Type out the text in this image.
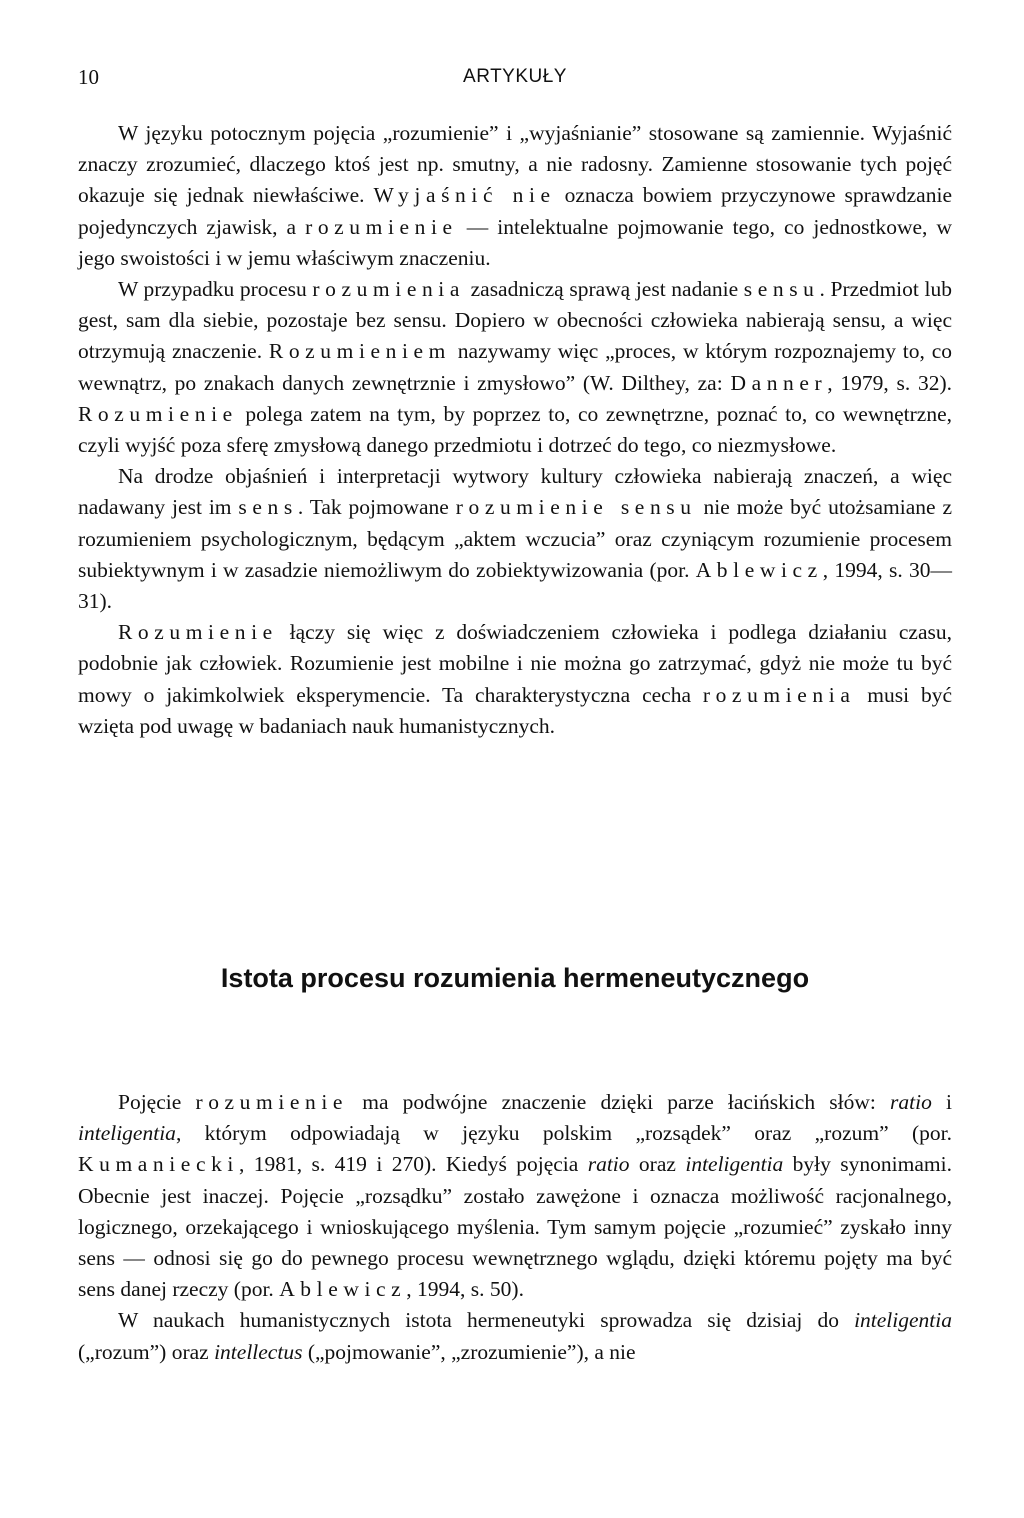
10	ARTYKUŁY

W języku potocznym pojęcia „rozumienie” i „wyjaśnianie” stosowane są zamiennie. Wyjaśnić znaczy zrozumieć, dlaczego ktoś jest np. smutny, a nie radosny. Zamienne stosowanie tych pojęć okazuje się jednak niewłaściwe. Wyjaśnić nie oznacza bowiem przyczynowe sprawdzanie pojedynczych zjawisk, a rozumienie — intelektualne pojmowanie tego, co jednostkowe, w jego swoistości i w jemu właściwym znaczeniu.

W przypadku procesu rozumienia zasadniczą sprawą jest nadanie sensu. Przedmiot lub gest, sam dla siebie, pozostaje bez sensu. Dopiero w obecności człowieka nabierają sensu, a więc otrzymują znaczenie. Rozumieniem nazywamy więc „proces, w którym rozpoznajemy to, co wewnątrz, po znakach danych zewnętrznie i zmysłowo” (W. Dilthey, za: Danner, 1979, s. 32). Rozumienie polega zatem na tym, by poprzez to, co zewnętrzne, poznać to, co wewnętrzne, czyli wyjść poza sferę zmysłową danego przedmiotu i dotrzeć do tego, co niezmysłowe.

Na drodze objaśnień i interpretacji wytwory kultury człowieka nabierają znaczeń, a więc nadawany jest im sens. Tak pojmowane rozumienie sensu nie może być utożsamiane z rozumieniem psychologicznym, będącym „aktem wczucia” oraz czyniącym rozumienie procesem subiektywnym i w zasadzie niemożliwym do zobiektywizowania (por. Ablewicz, 1994, s. 30—31).

Rozumienie łączy się więc z doświadczeniem człowieka i podlega działaniu czasu, podobnie jak człowiek. Rozumienie jest mobilne i nie można go zatrzymać, gdyż nie może tu być mowy o jakimkolwiek eksperymencie. Ta charakterystyczna cecha rozumienia musi być wzięta pod uwagę w badaniach nauk humanistycznych.

Istota procesu rozumienia hermeneutycznego

Pojęcie rozumienie ma podwójne znaczenie dzięki parze łacińskich słów: ratio i inteligentia, którym odpowiadają w języku polskim „rozsądek” oraz „rozum” (por. Kumaniecki, 1981, s. 419 i 270). Kiedyś pojęcia ratio oraz inteligentia były synonimami. Obecnie jest inaczej. Pojęcie „rozsądku” zostało zawężone i oznacza możliwość racjonalnego, logicznego, orzekającego i wnioskującego myślenia. Tym samym pojęcie „rozumieć” zyskało inny sens — odnosi się go do pewnego procesu wewnętrznego wglądu, dzięki któremu pojęty ma być sens danej rzeczy (por. Ablewicz, 1994, s. 50).

W naukach humanistycznych istota hermeneutyki sprowadza się dzisiaj do inteligentia („rozum”) oraz intellectus („pojmowanie”, „zrozumienie”), a nie
